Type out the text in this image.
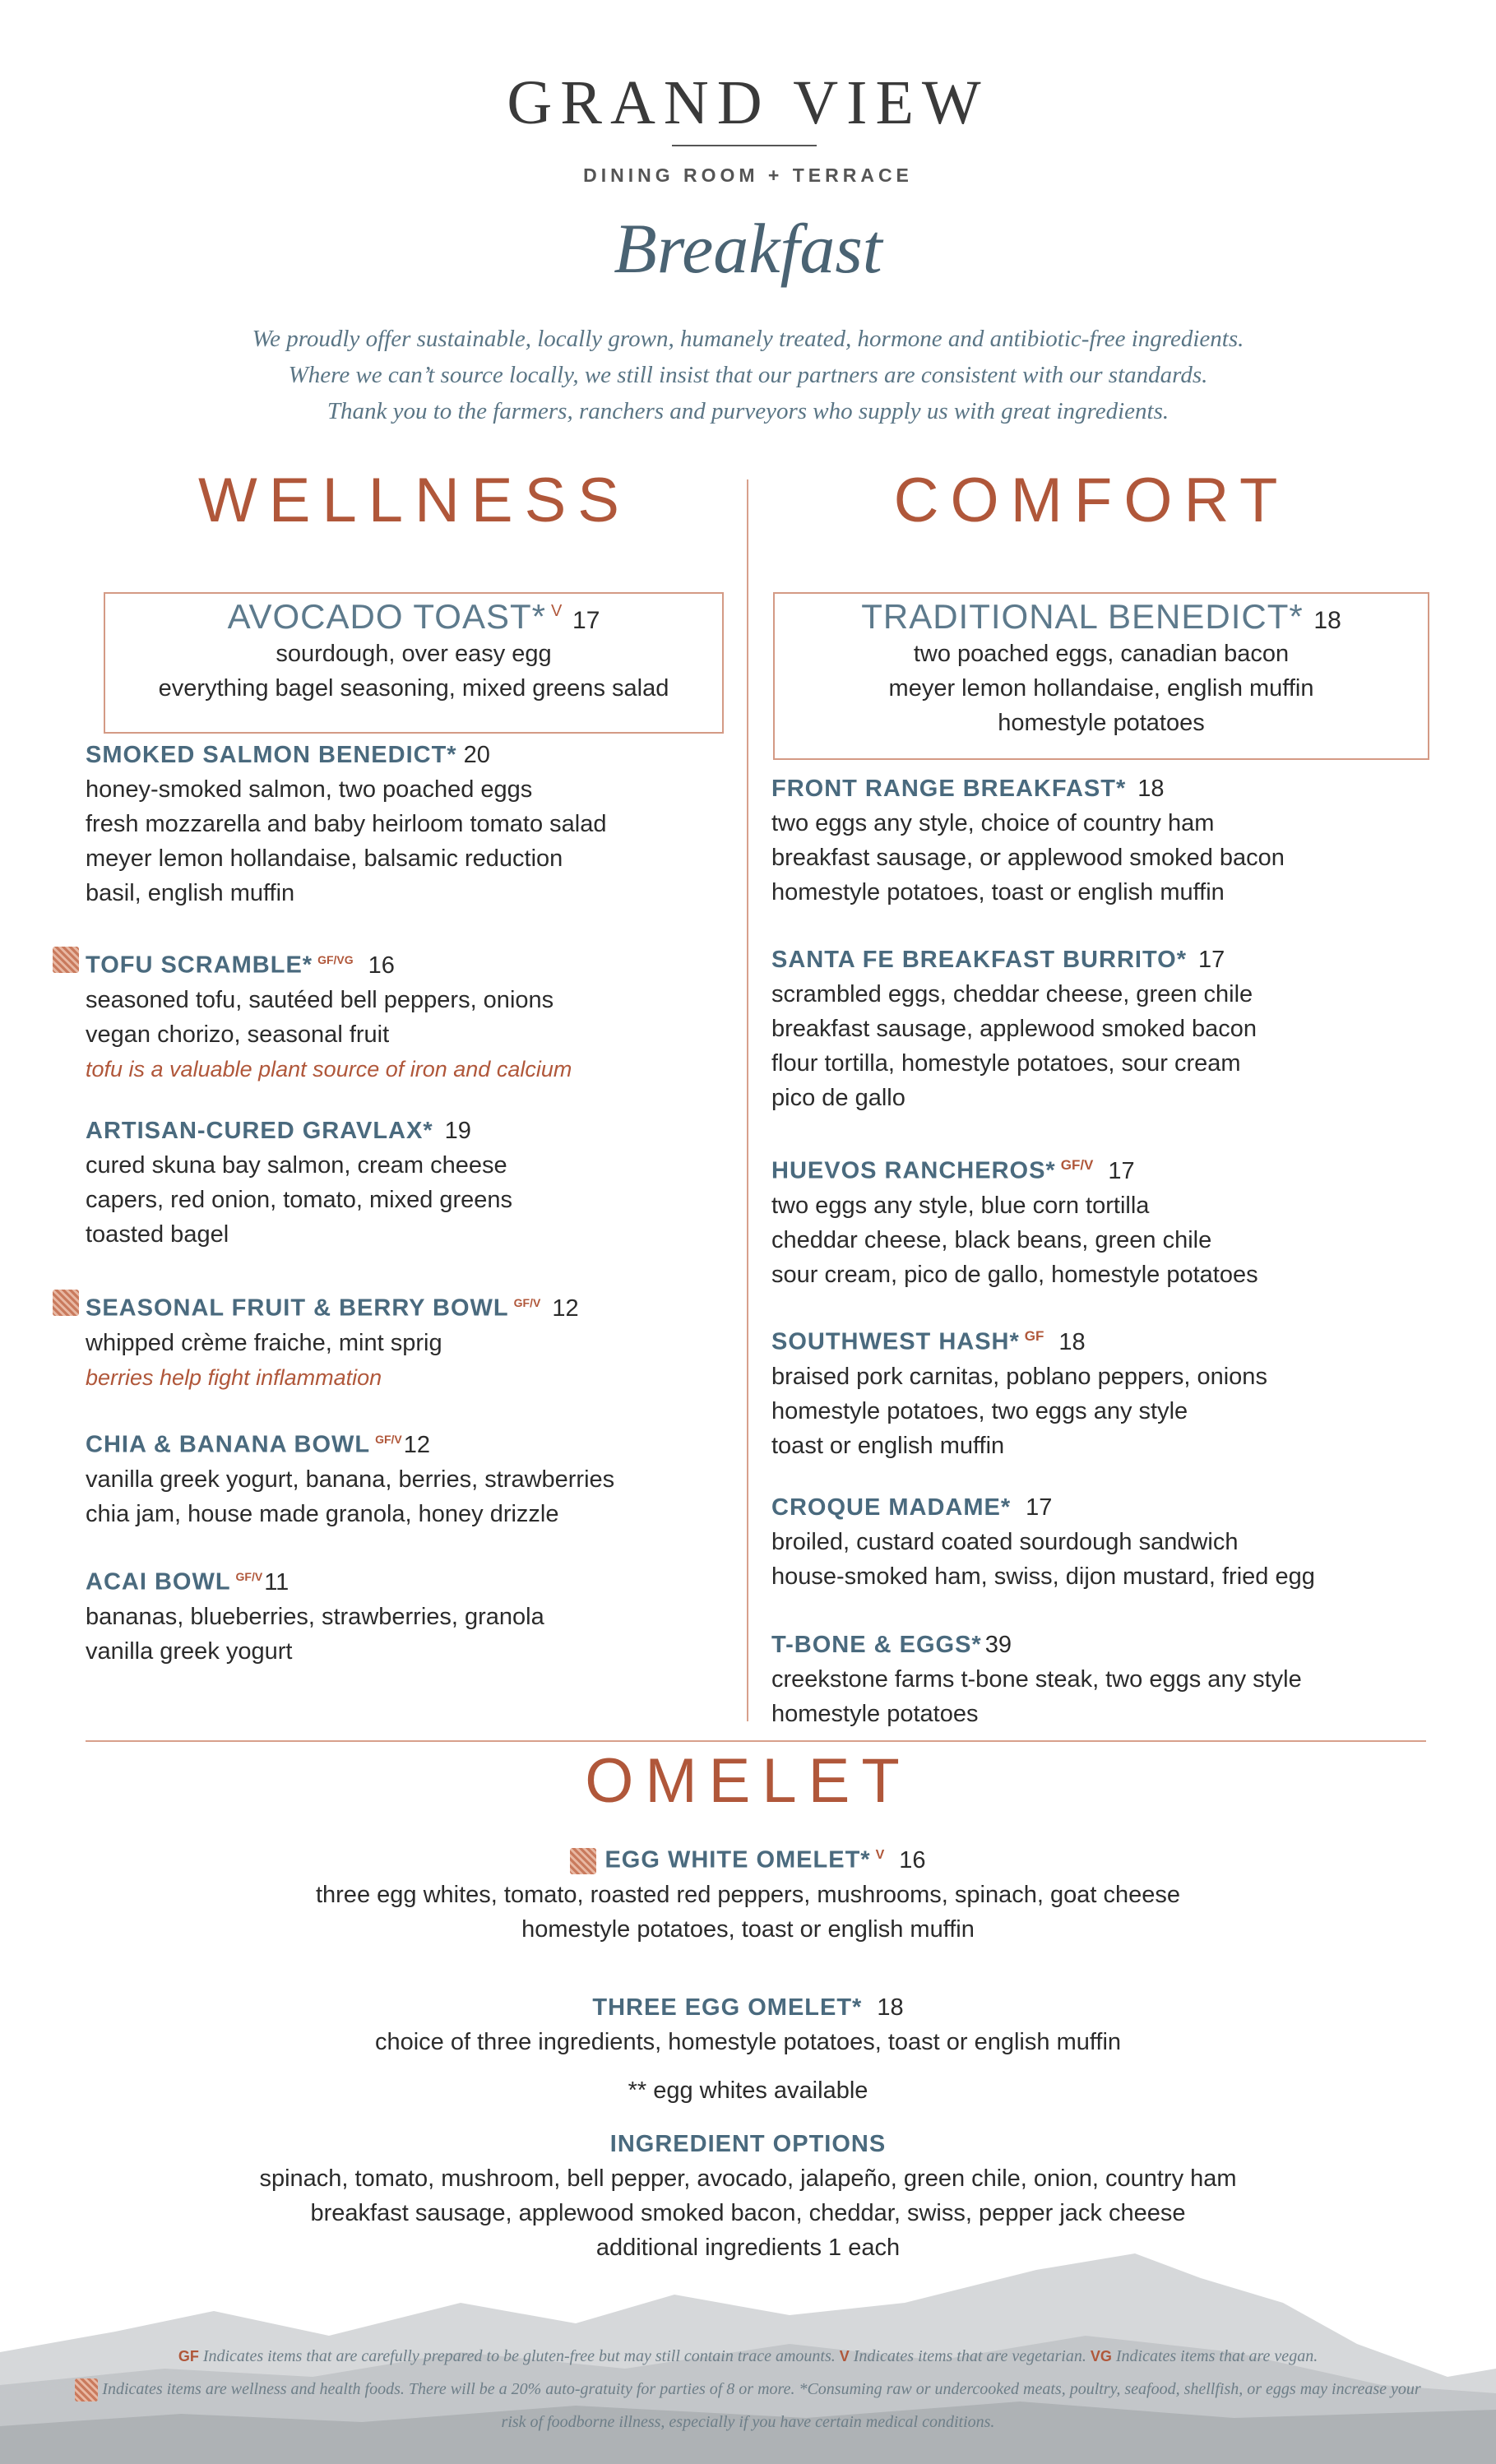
GRAND VIEW
DINING ROOM + TERRACE
Breakfast
We proudly offer sustainable, locally grown, humanely treated, hormone and antibiotic-free ingredients.
Where we can’t source locally, we still insist that our partners are consistent with our standards.
Thank you to the farmers, ranchers and purveyors who supply us with great ingredients.
WELLNESS	COMFORT
AVOCADO TOAST* $^V$ 17
sourdough, over easy egg
everything bagel seasoning, mixed greens salad
TRADITIONAL BENEDICT* 18
two poached eggs, canadian bacon
meyer lemon hollandaise, english muffin
homestyle potatoes
SMOKED SALMON BENEDICT* 20
honey-smoked salmon, two poached eggs
fresh mozzarella and baby heirloom tomato salad
meyer lemon hollandaise, balsamic reduction
basil, english muffin
TOFU SCRAMBLE* $^{GF/VG}$ 16
seasoned tofu, sautéed bell peppers, onions
vegan chorizo, seasonal fruit
tofu is a valuable plant source of iron and calcium
ARTISAN-CURED GRAVLAX* 19
cured skuna bay salmon, cream cheese
capers, red onion, tomato, mixed greens
toasted bagel
SEASONAL FRUIT & BERRY BOWL $^{GF/V}$ 12
whipped crème fraiche, mint sprig
berries help fight inflammation
CHIA & BANANA BOWL $^{GF/V}$12
vanilla greek yogurt, banana, berries, strawberries
chia jam, house made granola, honey drizzle
ACAI BOWL $^{GF/V}$11
bananas, blueberries, strawberries, granola
vanilla greek yogurt
FRONT RANGE BREAKFAST* 18
two eggs any style, choice of country ham
breakfast sausage, or applewood smoked bacon
homestyle potatoes, toast or english muffin
SANTA FE BREAKFAST BURRITO* 17
scrambled eggs, cheddar cheese, green chile
breakfast sausage, applewood smoked bacon
flour tortilla, homestyle potatoes, sour cream
pico de gallo
HUEVOS RANCHEROS* $^{GF/V}$ 17
two eggs any style, blue corn tortilla
cheddar cheese, black beans, green chile
sour cream, pico de gallo, homestyle potatoes
SOUTHWEST HASH* $^{GF}$ 18
braised pork carnitas, poblano peppers, onions
homestyle potatoes, two eggs any style
toast or english muffin
CROQUE MADAME* 17
broiled, custard coated sourdough sandwich
house-smoked ham, swiss, dijon mustard, fried egg
T-BONE & EGGS* 39
creekstone farms t-bone steak, two eggs any style
homestyle potatoes
OMELET
EGG WHITE OMELET* $^V$ 16
three egg whites, tomato, roasted red peppers, mushrooms, spinach, goat cheese
homestyle potatoes, toast or english muffin
THREE EGG OMELET* 18
choice of three ingredients, homestyle potatoes, toast or english muffin
** egg whites available
INGREDIENT OPTIONS
spinach, tomato, mushroom, bell pepper, avocado, jalapeño, green chile, onion, country ham
breakfast sausage, applewood smoked bacon, cheddar, swiss, pepper jack cheese
additional ingredients 1 each
GF Indicates items that are carefully prepared to be gluten-free but may still contain trace amounts. V Indicates items that are vegetarian. VG Indicates items that are vegan.
Indicates items are wellness and health foods. There will be a 20% auto-gratuity for parties of 8 or more. *Consuming raw or undercooked meats, poultry, seafood, shellfish, or eggs may increase your
risk of foodborne illness, especially if you have certain medical conditions.
